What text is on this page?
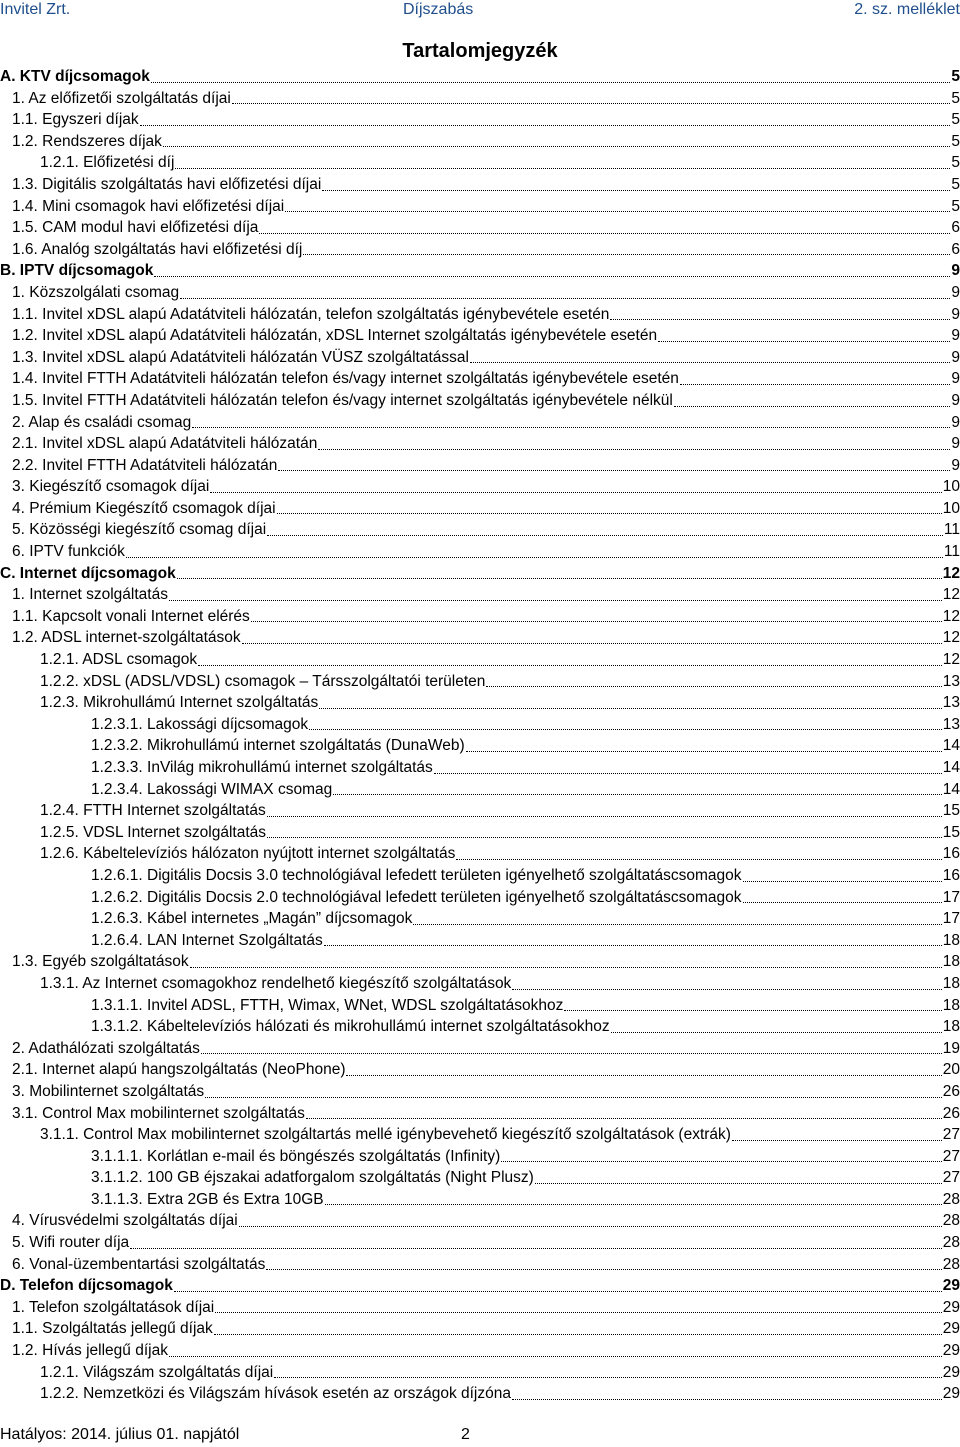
Invitel Zrt.	Díjszabás	2. sz. melléklet
Tartalomjegyzék
A. KTV díjcsomagok	5
1. Az előfizetői szolgáltatás díjai	5
1.1. Egyszeri díjak	5
1.2. Rendszeres díjak	5
1.2.1. Előfizetési díj	5
1.3. Digitális szolgáltatás havi előfizetési díjai	5
1.4. Mini csomagok havi előfizetési díjai	5
1.5. CAM modul havi előfizetési díja	6
1.6. Analóg szolgáltatás havi előfizetési díj	6
B. IPTV díjcsomagok	9
1. Közszolgálati csomag	9
1.1. Invitel xDSL alapú Adatátviteli hálózatán, telefon szolgáltatás igénybevétele esetén	9
1.2. Invitel xDSL alapú Adatátviteli hálózatán, xDSL Internet szolgáltatás igénybevétele esetén	9
1.3. Invitel xDSL alapú Adatátviteli hálózatán VÜSZ szolgáltatással	9
1.4. Invitel FTTH Adatátviteli hálózatán telefon és/vagy internet szolgáltatás igénybevétele esetén	9
1.5. Invitel FTTH Adatátviteli hálózatán telefon és/vagy internet szolgáltatás igénybevétele nélkül	9
2. Alap és családi csomag	9
2.1. Invitel xDSL alapú Adatátviteli hálózatán	9
2.2. Invitel FTTH Adatátviteli hálózatán	9
3. Kiegészítő csomagok díjai	10
4. Prémium Kiegészítő csomagok díjai	10
5. Közösségi kiegészítő csomag díjai	11
6. IPTV funkciók	11
C. Internet díjcsomagok	12
1. Internet szolgáltatás	12
1.1. Kapcsolt vonali Internet elérés	12
1.2. ADSL internet-szolgáltatások	12
1.2.1. ADSL csomagok	12
1.2.2. xDSL (ADSL/VDSL) csomagok – Társszolgáltatói területen	13
1.2.3. Mikrohullámú Internet szolgáltatás	13
1.2.3.1. Lakossági díjcsomagok	13
1.2.3.2. Mikrohullámú internet szolgáltatás (DunaWeb)	14
1.2.3.3. InVilág mikrohullámú internet szolgáltatás	14
1.2.3.4. Lakossági WIMAX csomag	14
1.2.4. FTTH Internet szolgáltatás	15
1.2.5. VDSL Internet szolgáltatás	15
1.2.6. Kábeltelevíziós hálózaton nyújtott internet szolgáltatás	16
1.2.6.1. Digitális Docsis 3.0 technológiával lefedett területen igényelhető szolgáltatáscsomagok	16
1.2.6.2. Digitális Docsis 2.0 technológiával lefedett területen igényelhető szolgáltatáscsomagok	17
1.2.6.3. Kábel internetes „Magán” díjcsomagok	17
1.2.6.4. LAN Internet Szolgáltatás	18
1.3. Egyéb szolgáltatások	18
1.3.1. Az Internet csomagokhoz rendelhető kiegészítő szolgáltatások	18
1.3.1.1. Invitel ADSL, FTTH, Wimax, WNet, WDSL szolgáltatásokhoz	18
1.3.1.2. Kábeltelevíziós hálózati és mikrohullámú internet szolgáltatásokhoz	18
2. Adathálózati szolgáltatás	19
2.1. Internet alapú hangszolgáltatás (NeoPhone)	20
3. Mobilinternet szolgáltatás	26
3.1. Control Max mobilinternet szolgáltatás	26
3.1.1. Control Max mobilinternet szolgáltartás mellé igénybevehető kiegészítő szolgáltatások (extrák)	27
3.1.1.1. Korlátlan e-mail és böngészés szolgáltatás (Infinity)	27
3.1.1.2. 100 GB éjszakai adatforgalom szolgáltatás (Night Plusz)	27
3.1.1.3. Extra 2GB és Extra 10GB	28
4. Vírusvédelmi szolgáltatás díjai	28
5. Wifi router díja	28
6. Vonal-üzembentartási szolgáltatás	28
D. Telefon díjcsomagok	29
1. Telefon szolgáltatások díjai	29
1.1. Szolgáltatás jellegű díjak	29
1.2. Hívás jellegű díjak	29
1.2.1. Világszám szolgáltatás díjai	29
1.2.2. Nemzetközi és Világszám hívások esetén az országok díjzóna	29
Hatályos: 2014. július 01. napjától	2
